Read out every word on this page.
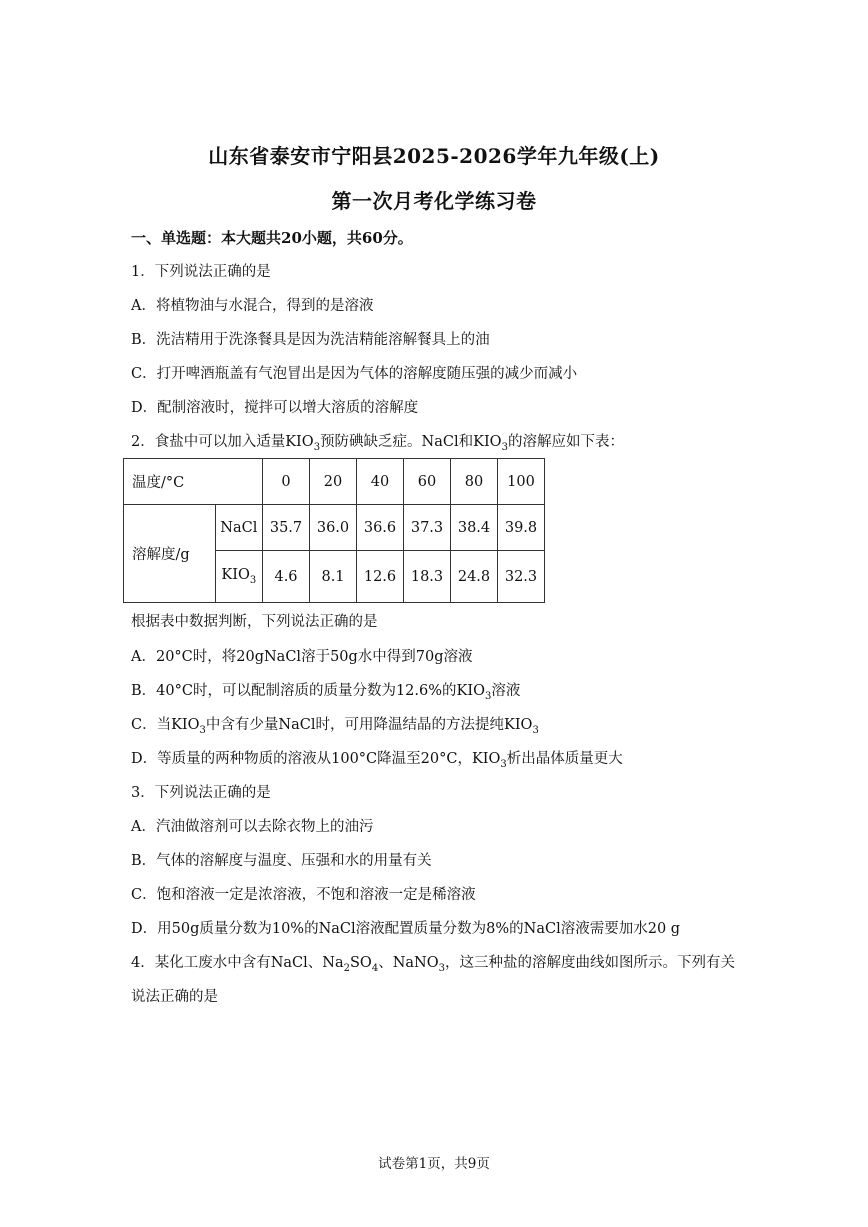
山东省泰安市宁阳县2025-2026学年九年级(上)
第一次月考化学练习卷
一、单选题：本大题共20小题，共60分。
1．下列说法正确的是
A．将植物油与水混合，得到的是溶液
B．洗洁精用于洗涤餐具是因为洗洁精能溶解餐具上的油
C．打开啤酒瓶盖有气泡冒出是因为气体的溶解度随压强的减少而减小
D．配制溶液时，搅拌可以增大溶质的溶解度
2．食盐中可以加入适量$KIO_3$预防碘缺乏症。NaCl和$KIO_3$的溶解应如下表：
温度/°C		0	20	40	60	80	100
溶解度/g	NaCl	35.7	36.0	36.6	37.3	38.4	39.8
	$KIO_3$	4.6	8.1	12.6	18.3	24.8	32.3
根据表中数据判断，下列说法正确的是
A．20°C时，将20gNaCl溶于50g水中得到70g溶液
B．40°C时，可以配制溶质的质量分数为12.6%的$KIO_3$溶液
C．当$KIO_3$中含有少量NaCl时，可用降温结晶的方法提纯$KIO_3$
D．等质量的两种物质的溶液从100°C降温至20°C，$KIO_3$析出晶体质量更大
3．下列说法正确的是
A．汽油做溶剂可以去除衣物上的油污
B．气体的溶解度与温度、压强和水的用量有关
C．饱和溶液一定是浓溶液，不饱和溶液一定是稀溶液
D．用50g质量分数为10%的NaCl溶液配置质量分数为8%的NaCl溶液需要加水20 g
4．某化工废水中含有NaCl、$Na_2SO_4$、NaNO$_3$，这三种盐的溶解度曲线如图所示。下列有关
说法正确的是
试卷第1页，共9页
